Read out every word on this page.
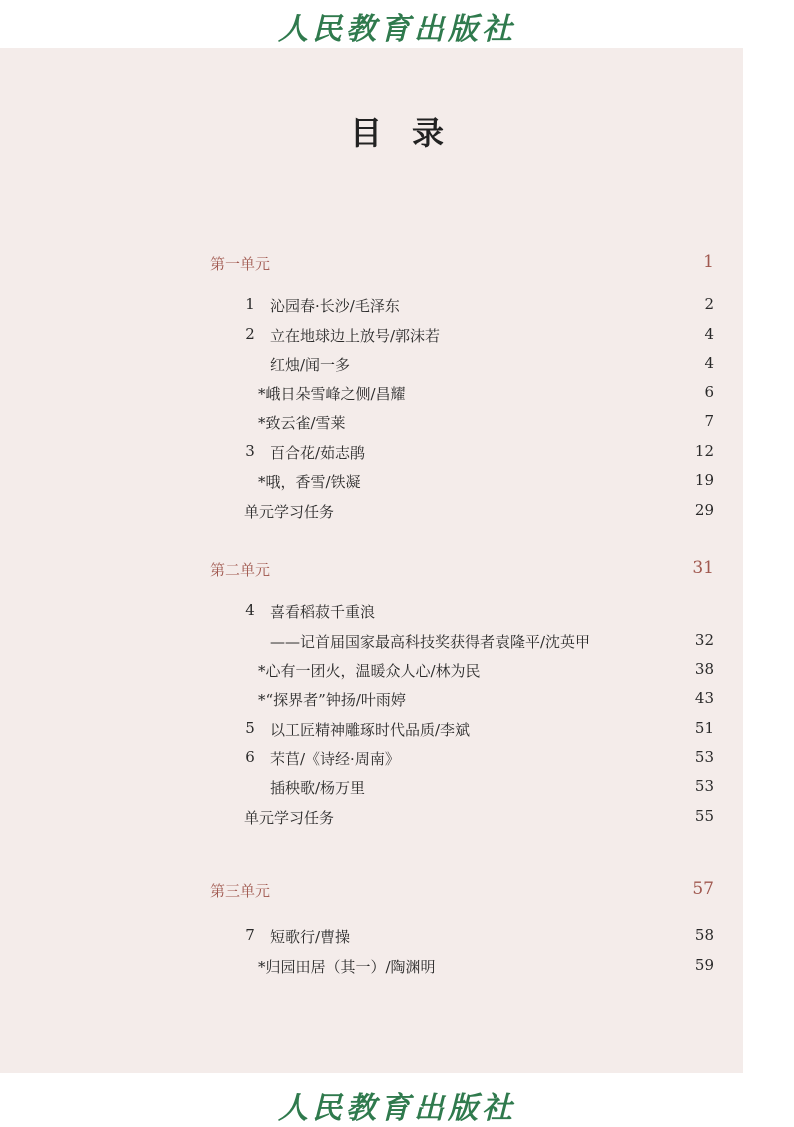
人民教育出版社
目录
第一单元	1
1 沁园春·长沙/毛泽东	2
2 立在地球边上放号/郭沫若	4
红烛/闻一多	4
*峨日朵雪峰之侧/昌耀	6
*致云雀/雪莱	7
3 百合花/茹志鹃	12
*哦，香雪/铁凝	19
单元学习任务	29
第二单元	31
4 喜看稻菽千重浪
——记首届国家最高科技奖获得者袁隆平/沈英甲	32
*心有一团火，温暖众人心/林为民	38
*“探界者”钟扬/叶雨婷	43
5 以工匠精神雕琢时代品质/李斌	51
6 芣苢/《诗经·周南》	53
插秧歌/杨万里	53
单元学习任务	55
第三单元	57
7 短歌行/曹操	58
*归园田居（其一）/陶渊明	59
人民教育出版社
